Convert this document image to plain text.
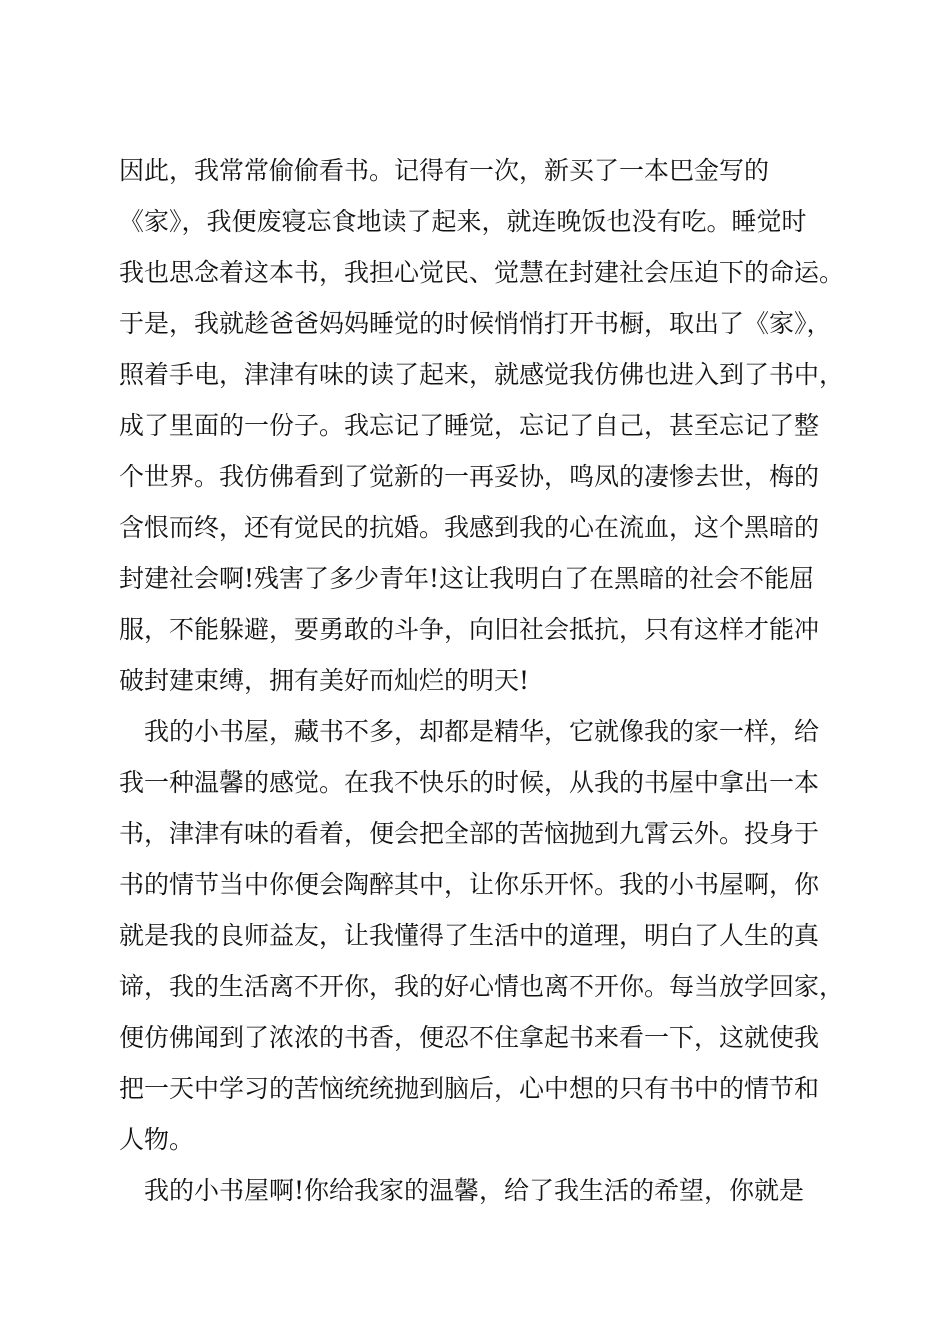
因此，我常常偷偷看书。记得有一次，新买了一本巴金写的
《家》，我便废寝忘食地读了起来，就连晚饭也没有吃。睡觉时
我也思念着这本书，我担心觉民、觉慧在封建社会压迫下的命运。
于是，我就趁爸爸妈妈睡觉的时候悄悄打开书橱，取出了《家》，
照着手电，津津有味的读了起来，就感觉我仿佛也进入到了书中，
成了里面的一份子。我忘记了睡觉，忘记了自己，甚至忘记了整
个世界。我仿佛看到了觉新的一再妥协，鸣凤的凄惨去世，梅的
含恨而终，还有觉民的抗婚。我感到我的心在流血，这个黑暗的
封建社会啊!残害了多少青年!这让我明白了在黑暗的社会不能屈
服，不能躲避，要勇敢的斗争，向旧社会抵抗，只有这样才能冲
破封建束缚，拥有美好而灿烂的明天!
我的小书屋，藏书不多，却都是精华，它就像我的家一样，给
我一种温馨的感觉。在我不快乐的时候，从我的书屋中拿出一本
书，津津有味的看着，便会把全部的苦恼抛到九霄云外。投身于
书的情节当中你便会陶醉其中，让你乐开怀。我的小书屋啊，你
就是我的良师益友，让我懂得了生活中的道理，明白了人生的真
谛，我的生活离不开你，我的好心情也离不开你。每当放学回家，
便仿佛闻到了浓浓的书香，便忍不住拿起书来看一下，这就使我
把一天中学习的苦恼统统抛到脑后，心中想的只有书中的情节和
人物。
我的小书屋啊!你给我家的温馨，给了我生活的希望，你就是
